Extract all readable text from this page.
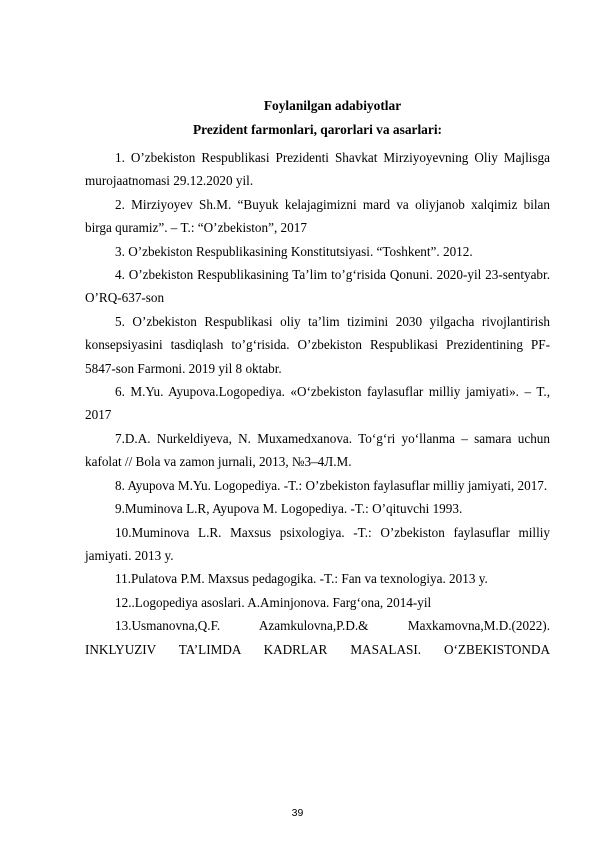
Foylanilgan adabiyotlar
Prezident farmonlari, qarorlari va asarlari:

1. O’zbekiston Respublikasi Prezidenti Shavkat Mirziyoyevning Oliy Majlisga murojaatnomasi 29.12.2020 yil.

2. Mirziyoyev Sh.M. “Buyuk kelajagimizni mard va oliyjanob xalqimiz bilan birga quramiz”. – T.: “O’zbekiston”, 2017

3. O’zbekiston Respublikasining Konstitutsiyasi. “Toshkent”. 2012.

4. O’zbekiston Respublikasining Ta’lim to’g‘risida Qonuni. 2020-yil 23-sentyabr. O’RQ-637-son

5. O’zbekiston Respublikasi oliy ta’lim tizimini 2030 yilgacha rivojlantirish konsepsiyasini tasdiqlash to’g‘risida. O’zbekiston Respublikasi Prezidentining PF-5847-son Farmoni. 2019 yil 8 oktabr.

6. M.Yu. Ayupova.Logopediya. «O‘zbekiston faylasuflar milliy jamiyati». – T., 2017

7.D.A. Nurkeldiyeva, N. Muxamedxanova. To‘g‘ri yo‘llanma – samara uchun kafolat // Bola va zamon jurnali, 2013, №3–4Л.M.

8. Ayupova M.Yu. Logopediya. -T.: O’zbekiston faylasuflar milliy jamiyati, 2017.

9.Muminova L.R, Ayupova M. Logopediya. -T.: O’qituvchi 1993.

10.Muminova L.R. Maxsus psixologiya. -T.: O’zbekiston faylasuflar milliy jamiyati. 2013 y.

11.Pulatova P.M. Maxsus pedagogika. -T.: Fan va texnologiya. 2013 y.

12..Logopediya asoslari. A.Aminjonova. Farg‘ona, 2014-yil

13.Usmanovna,Q.F. Azamkulovna,P.D.& Maxkamovna,M.D.(2022). INKLYUZIV TA’LIMDA KADRLAR MASALASI. O‘ZBEKISTONDA

39
